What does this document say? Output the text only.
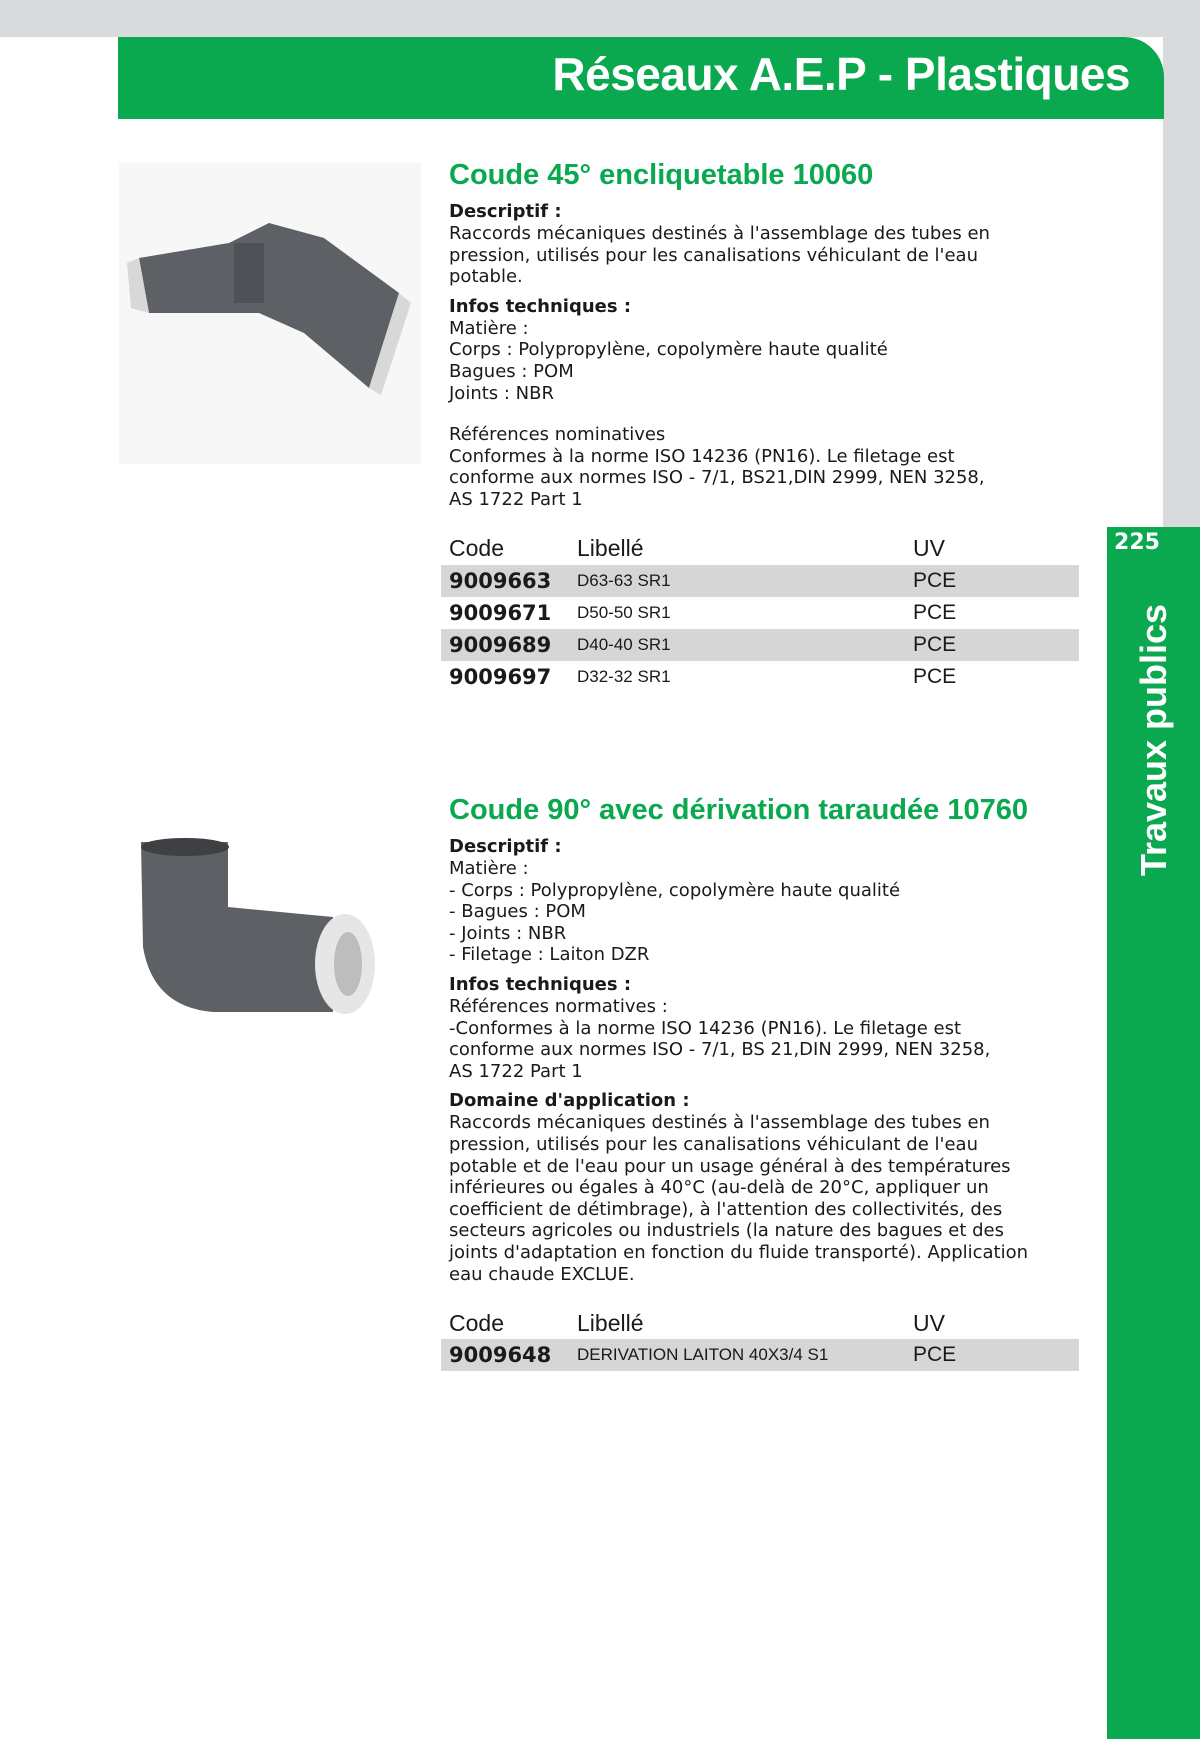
Réseaux A.E.P - Plastiques
225
Travaux publics
Coude 45° encliquetable 10060
Descriptif :
Raccords mécaniques destinés à l'assemblage des tubes en
pression, utilisés pour les canalisations véhiculant de l'eau
potable.
Infos techniques :
Matière :
Corps : Polypropylène, copolymère haute qualité
Bagues : POM
Joints : NBR
Références nominatives
Conformes à la norme ISO 14236 (PN16). Le filetage est
conforme aux normes ISO - 7/1, BS21,DIN 2999, NEN 3258,
AS 1722 Part 1
Code	Libellé	UV
9009663	D63-63 SR1	PCE
9009671	D50-50 SR1	PCE
9009689	D40-40 SR1	PCE
9009697	D32-32 SR1	PCE
Coude 90° avec dérivation taraudée 10760
Descriptif :
Matière :
- Corps : Polypropylène, copolymère haute qualité
- Bagues : POM
- Joints : NBR
- Filetage : Laiton DZR
Infos techniques :
Références normatives :
-Conformes à la norme ISO 14236 (PN16). Le filetage est
conforme aux normes ISO - 7/1, BS 21,DIN 2999, NEN 3258,
AS 1722 Part 1
Domaine d'application :
Raccords mécaniques destinés à l'assemblage des tubes en
pression, utilisés pour les canalisations véhiculant de l'eau
potable et de l'eau pour un usage général à des températures
inférieures ou égales à 40°C (au-delà de 20°C, appliquer un
coefficient de détimbrage), à l'attention des collectivités, des
secteurs agricoles ou industriels (la nature des bagues et des
joints d'adaptation en fonction du fluide transporté). Application
eau chaude EXCLUE.
Code	Libellé	UV
9009648	DERIVATION LAITON 40X3/4 S1	PCE
